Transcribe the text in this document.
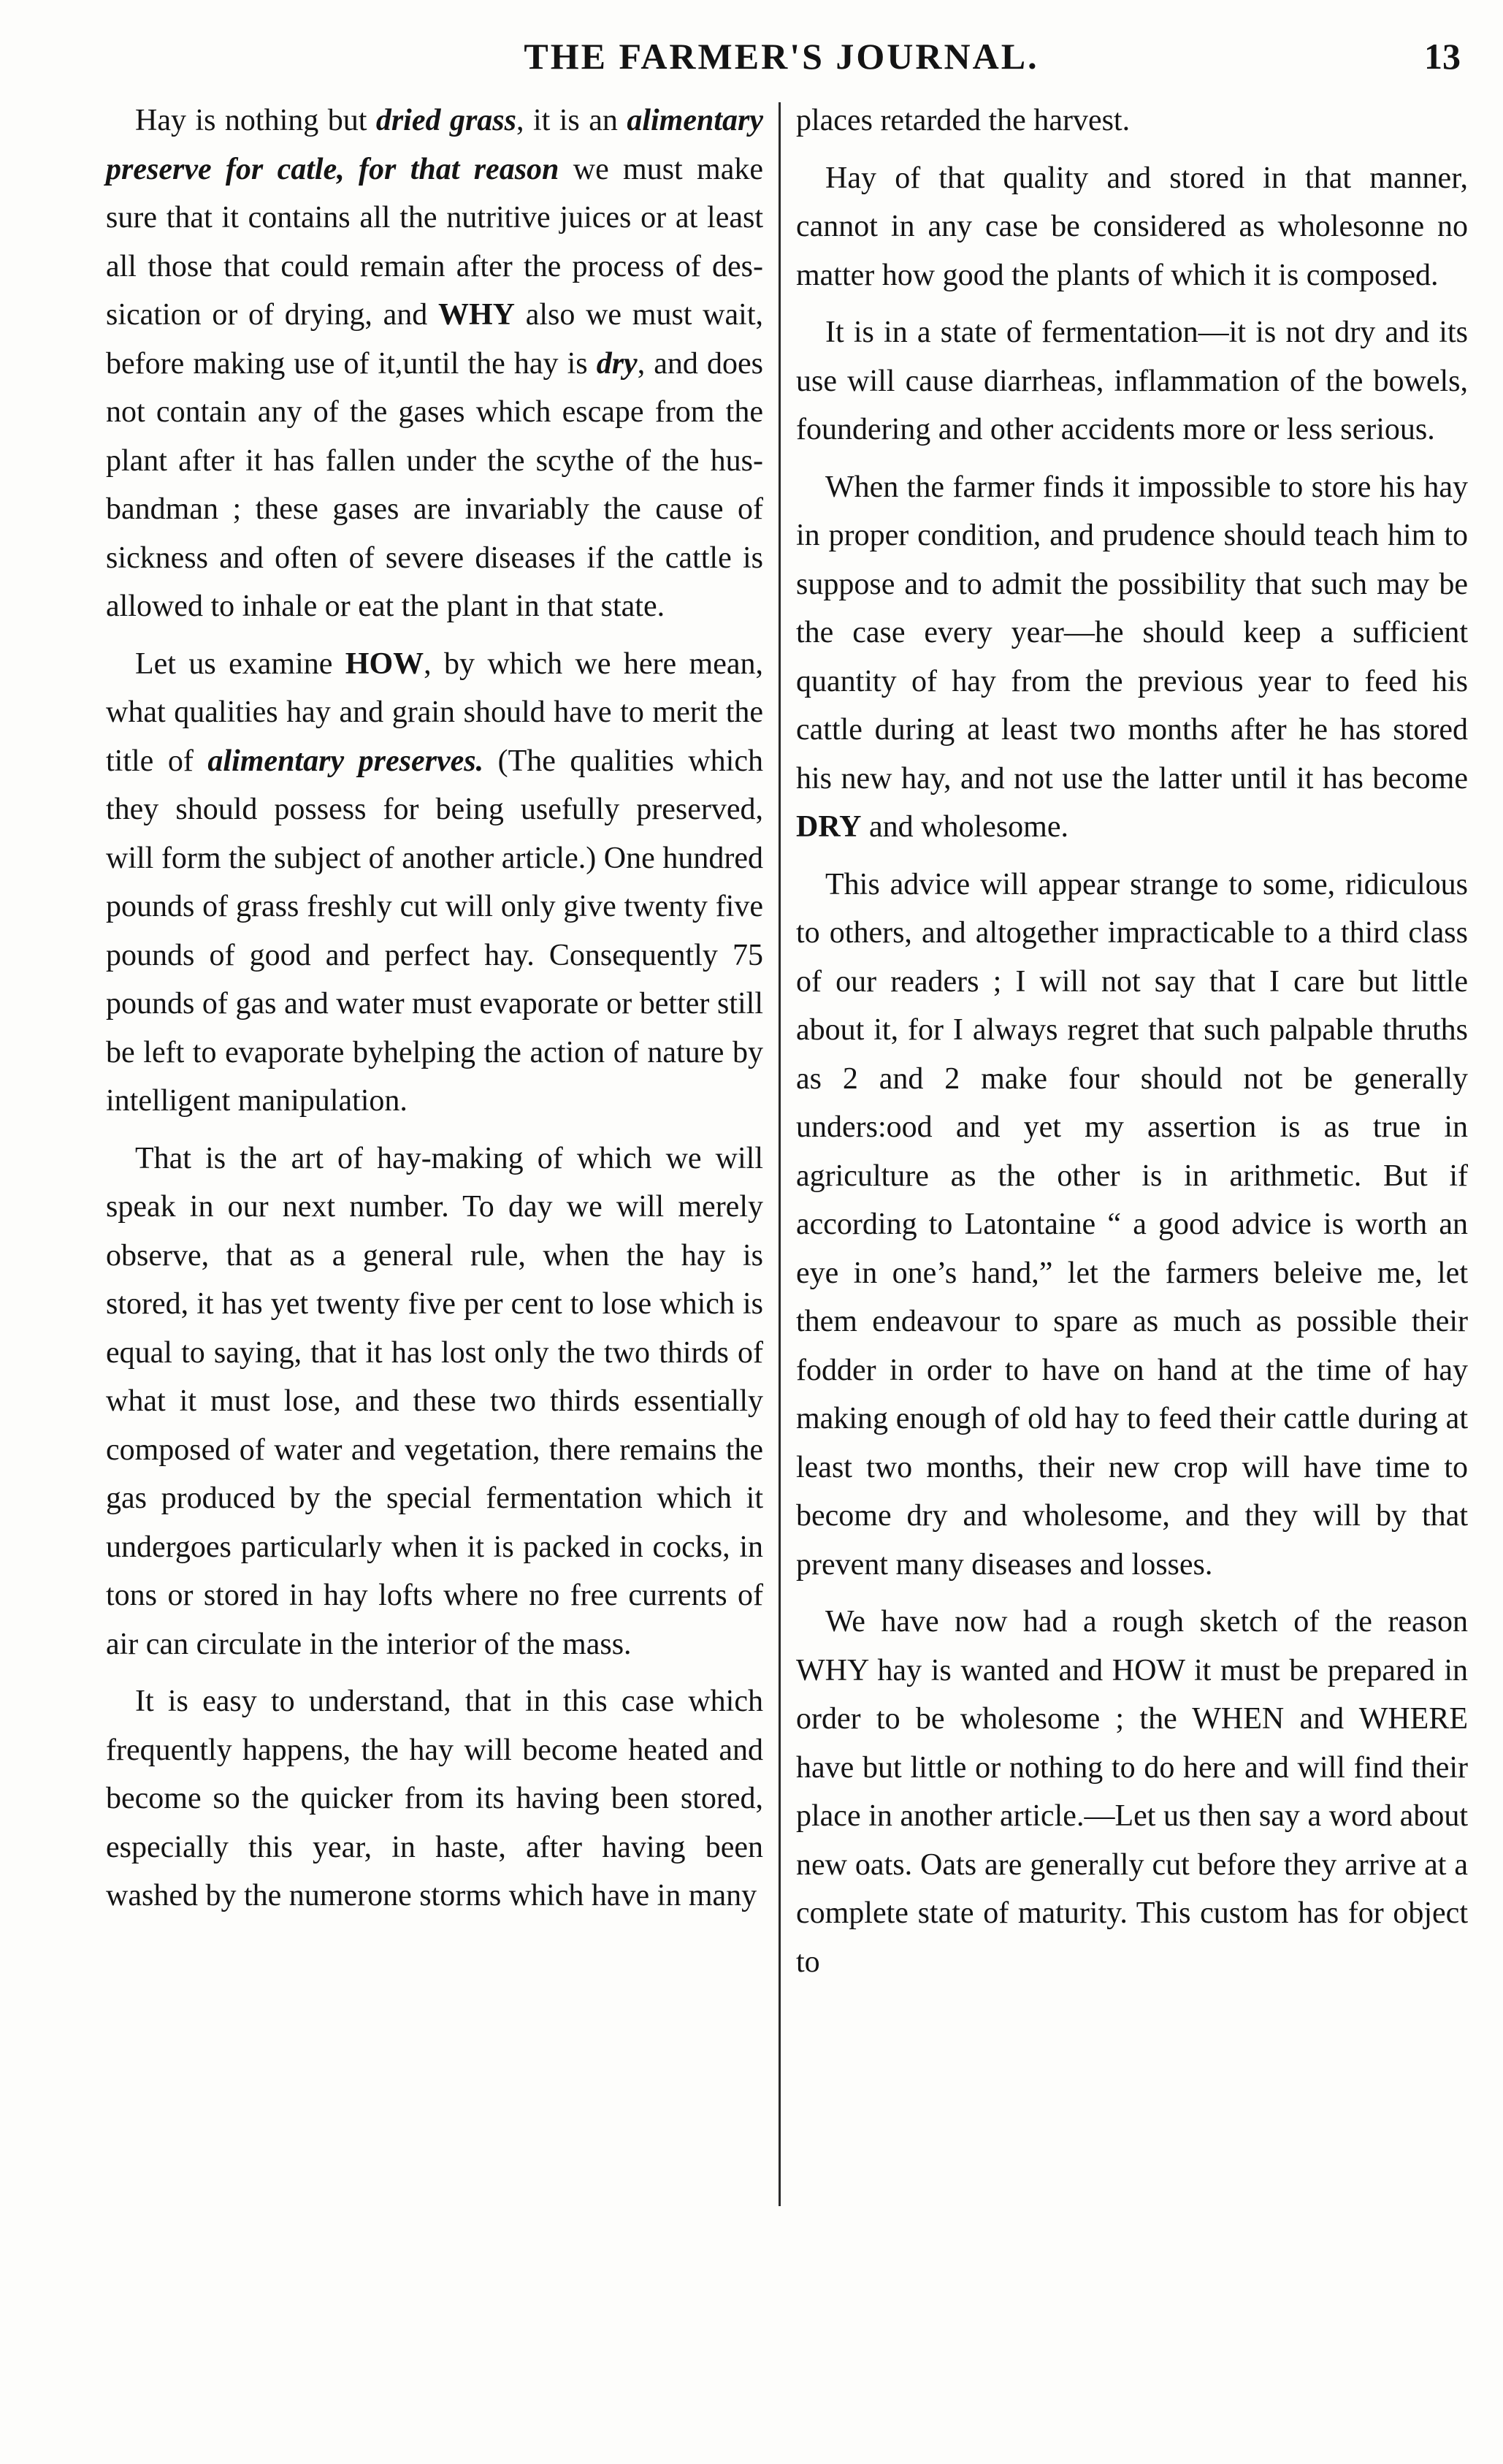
THE FARMER'S JOURNAL.	13

Hay is nothing but dried grass, it is an alimentary preserve for catle, for that reason we must make sure that it contains all the nutritive juices or at least all those that could remain after the process of dessication or of drying, and WHY also we must wait, before making use of it,until the hay is dry, and does not contain any of the gases which escape from the plant after it has fallen under the scythe of the husbandman ; these gases are invariably the cause of sickness and often of severe diseases if the cattle is allowed to inhale or eat the plant in that state.

Let us examine HOW, by which we here mean, what qualities hay and grain should have to merit the title of alimentary preserves. (The qualities which they should possess for being usefully preserved, will form the subject of another article.) One hundred pounds of grass freshly cut will only give twenty five pounds of good and perfect hay. Consequently 75 pounds of gas and water must evaporate or better still be left to evaporate byhelping the action of nature by intelligent manipulation.

That is the art of hay-making of which we will speak in our next number. To day we will merely observe, that as a general rule, when the hay is stored, it has yet twenty five per cent to lose which is equal to saying, that it has lost only the two thirds of what it must lose, and these two thirds essentially composed of water and vegetation, there remains the gas produced by the special fermentation which it undergoes particularly when it is packed in cocks, in tons or stored in hay lofts where no free currents of air can circulate in the interior of the mass.

It is easy to understand, that in this case which frequently happens, the hay will become heated and become so the quicker from its having been stored, especially this year, in haste, after having been washed by the numerone storms which have in many

places retarded the harvest.

Hay of that quality and stored in that manner, cannot in any case be considered as wholesonne no matter how good the plants of which it is composed.

It is in a state of fermentation—it is not dry and its use will cause diarrheas, inflammation of the bowels, foundering and other accidents more or less serious.

When the farmer finds it impossible to store his hay in proper condition, and prudence should teach him to suppose and to admit the possibility that such may be the case every year—he should keep a sufficient quantity of hay from the previous year to feed his cattle during at least two months after he has stored his new hay, and not use the latter until it has become DRY and wholesome.

This advice will appear strange to some, ridiculous to others, and altogether impracticable to a third class of our readers ; I will not say that I care but little about it, for I always regret that such palpable thruths as 2 and 2 make four should not be generally unders:ood and yet my assertion is as true in agriculture as the other is in arithmetic. But if according to Latontaine “ a good advice is worth an eye in one’s hand,” let the farmers beleive me, let them endeavour to spare as much as possible their fodder in order to have on hand at the time of hay making enough of old hay to feed their cattle during at least two months, their new crop will have time to become dry and wholesome, and they will by that prevent many diseases and losses.

We have now had a rough sketch of the reason WHY hay is wanted and HOW it must be prepared in order to be wholesome ; the WHEN and WHERE have but little or nothing to do here and will find their place in another article.—Let us then say a word about new oats. Oats are generally cut before they arrive at a complete state of maturity. This custom has for object to
